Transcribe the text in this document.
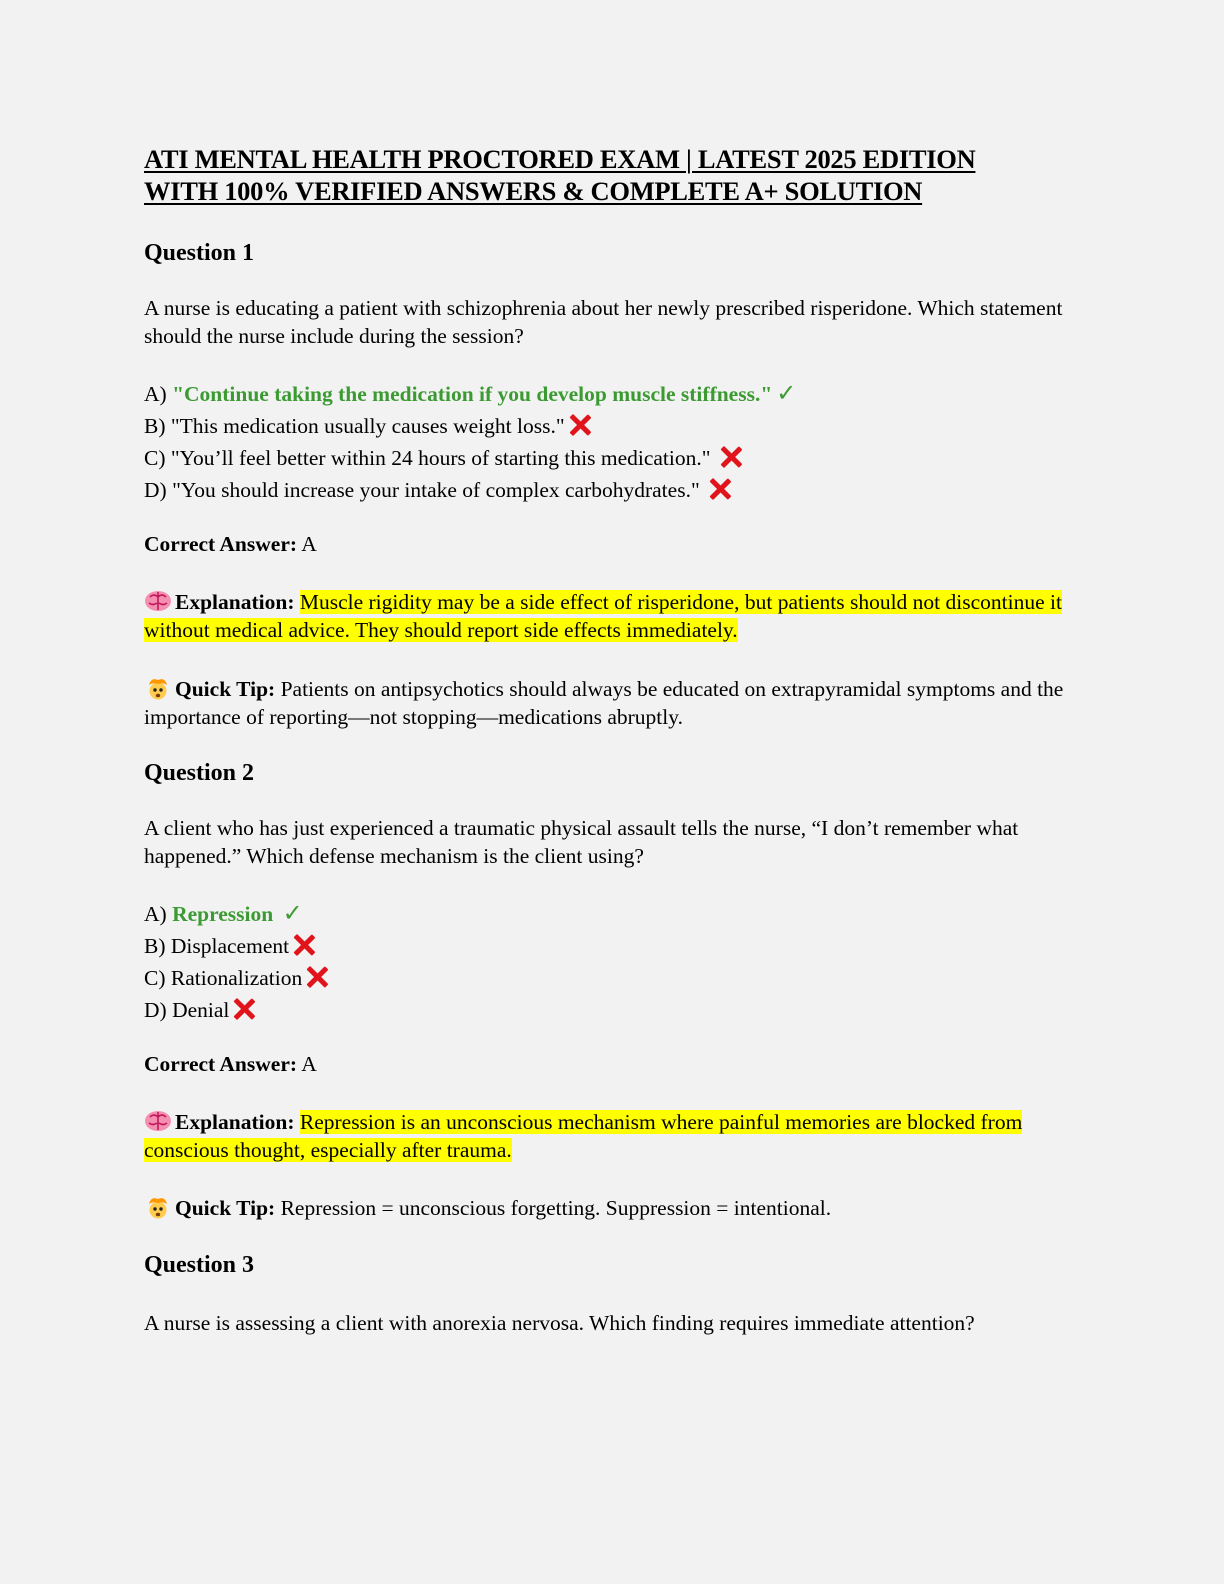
ATI MENTAL HEALTH PROCTORED EXAM | LATEST 2025 EDITION
WITH 100% VERIFIED ANSWERS & COMPLETE A+ SOLUTION

Question 1

A nurse is educating a patient with schizophrenia about her newly prescribed risperidone. Which statement should the nurse include during the session?

A) "Continue taking the medication if you develop muscle stiffness." ✓

B) "This medication usually causes weight loss."

C) "You’ll feel better within 24 hours of starting this medication."

D) "You should increase your intake of complex carbohydrates."

Correct Answer: A

Explanation: Muscle rigidity may be a side effect of risperidone, but patients should not discontinue it without medical advice. They should report side effects immediately.

Quick Tip: Patients on antipsychotics should always be educated on extrapyramidal symptoms and the importance of reporting—not stopping—medications abruptly.

Question 2

A client who has just experienced a traumatic physical assault tells the nurse, “I don’t remember what happened.” Which defense mechanism is the client using?

A) Repression ✓

B) Displacement

C) Rationalization

D) Denial

Correct Answer: A

Explanation: Repression is an unconscious mechanism where painful memories are blocked from conscious thought, especially after trauma.

Quick Tip: Repression = unconscious forgetting. Suppression = intentional.

Question 3

A nurse is assessing a client with anorexia nervosa. Which finding requires immediate attention?
